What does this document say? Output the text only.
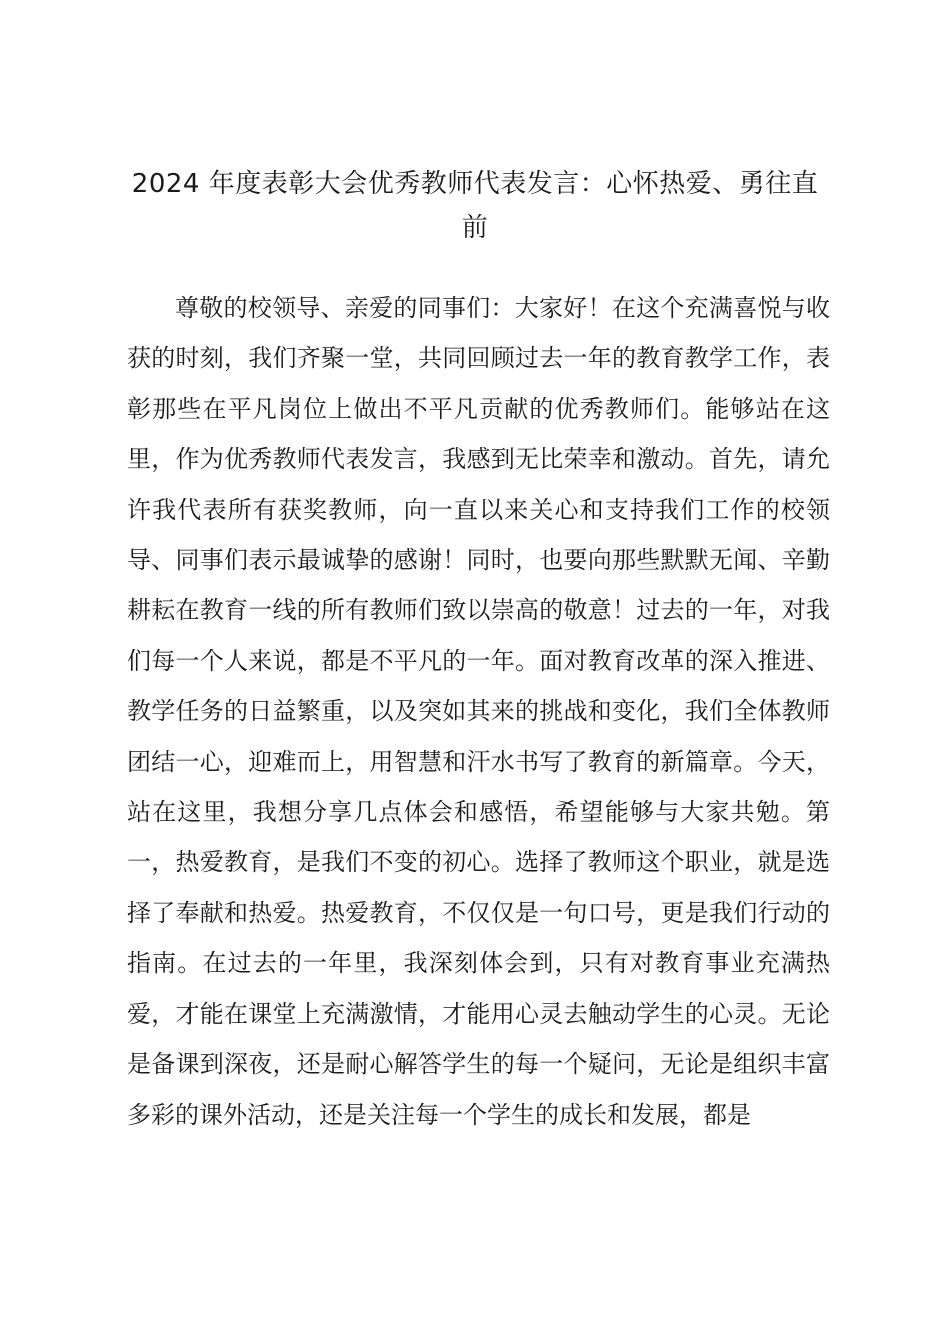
2024 年度表彰大会优秀教师代表发言：心怀热爱、勇往直前

尊敬的校领导、亲爱的同事们：大家好！在这个充满喜悦与收获的时刻，我们齐聚一堂，共同回顾过去一年的教育教学工作，表彰那些在平凡岗位上做出不平凡贡献的优秀教师们。能够站在这里，作为优秀教师代表发言，我感到无比荣幸和激动。首先，请允许我代表所有获奖教师，向一直以来关心和支持我们工作的校领导、同事们表示最诚挚的感谢！同时，也要向那些默默无闻、辛勤耕耘在教育一线的所有教师们致以崇高的敬意！过去的一年，对我们每一个人来说，都是不平凡的一年。面对教育改革的深入推进、教学任务的日益繁重，以及突如其来的挑战和变化，我们全体教师团结一心，迎难而上，用智慧和汗水书写了教育的新篇章。今天，站在这里，我想分享几点体会和感悟，希望能够与大家共勉。第一，热爱教育，是我们不变的初心。选择了教师这个职业，就是选择了奉献和热爱。热爱教育，不仅仅是一句口号，更是我们行动的指南。在过去的一年里，我深刻体会到，只有对教育事业充满热爱，才能在课堂上充满激情，才能用心灵去触动学生的心灵。无论是备课到深夜，还是耐心解答学生的每一个疑问，无论是组织丰富多彩的课外活动，还是关注每一个学生的成长和发展，都是
